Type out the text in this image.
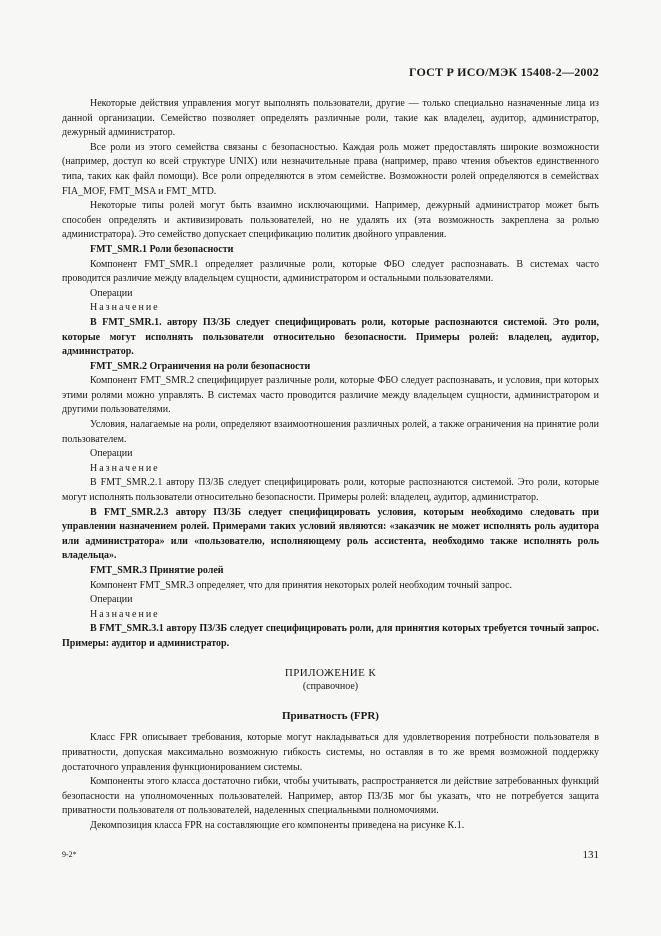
ГОСТ Р ИСО/МЭК 15408-2—2002

Некоторые действия управления могут выполнять пользователи, другие — только специально назначенные лица из данной организации. Семейство позволяет определять различные роли, такие как владелец, аудитор, администратор, дежурный администратор.

Все роли из этого семейства связаны с безопасностью. Каждая роль может предоставлять широкие возможности (например, доступ ко всей структуре UNIX) или незначительные права (например, право чтения объектов единственного типа, таких как файл помощи). Все роли определяются в этом семействе. Возможности ролей определяются в семействах FIA_MOF, FMT_MSA и FMT_MTD.

Некоторые типы ролей могут быть взаимно исключающими. Например, дежурный администратор может быть способен определять и активизировать пользователей, но не удалять их (эта возможность закреплена за ролью администратора). Это семейство допускает спецификацию политик двойного управления.

FMT_SMR.1 Роли безопасности

Компонент FMT_SMR.1 определяет различные роли, которые ФБО следует распознавать. В системах часто проводится различие между владельцем сущности, администратором и остальными пользователями.

Операции

Назначение

В FMT_SMR.1. автору ПЗ/ЗБ следует специфицировать роли, которые распознаются системой. Это роли, которые могут исполнять пользователи относительно безопасности. Примеры ролей: владелец, аудитор, администратор.

FMT_SMR.2 Ограничения на роли безопасности

Компонент FMT_SMR.2 специфицирует различные роли, которые ФБО следует распознавать, и условия, при которых этими ролями можно управлять. В системах часто проводится различие между владельцем сущности, администратором и другими пользователями.

Условия, налагаемые на роли, определяют взаимоотношения различных ролей, а также ограничения на принятие роли пользователем.

Операции

Назначение

В FMT_SMR.2.1 автору ПЗ/ЗБ следует специфицировать роли, которые распознаются системой. Это роли, которые могут исполнять пользователи относительно безопасности. Примеры ролей: владелец, аудитор, администратор.

В FMT_SMR.2.3 автору ПЗ/ЗБ следует специфицировать условия, которым необходимо следовать при управлении назначением ролей. Примерами таких условий являются: «заказчик не может исполнять роль аудитора или администратора» или «пользователю, исполняющему роль ассистента, необходимо также исполнять роль владельца».

FMT_SMR.3 Принятие ролей

Компонент FMT_SMR.3 определяет, что для принятия некоторых ролей необходим точный запрос.

Операции

Назначение

В FMT_SMR.3.1 автору ПЗ/ЗБ следует специфицировать роли, для принятия которых требуется точный запрос. Примеры: аудитор и администратор.

ПРИЛОЖЕНИЕ К

(справочное)

Приватность (FPR)

Класс FPR описывает требования, которые могут накладываться для удовлетворения потребности пользователя в приватности, допуская максимально возможную гибкость системы, но оставляя в то же время возможной поддержку достаточного управления функционированием системы.

Компоненты этого класса достаточно гибки, чтобы учитывать, распространяется ли действие затребованных функций безопасности на уполномоченных пользователей. Например, автор ПЗ/ЗБ мог бы указать, что не потребуется защита приватности пользователя от пользователей, наделенных специальными полномочиями.

Декомпозиция класса FPR на составляющие его компоненты приведена на рисунке К.1.

9-2*	131
